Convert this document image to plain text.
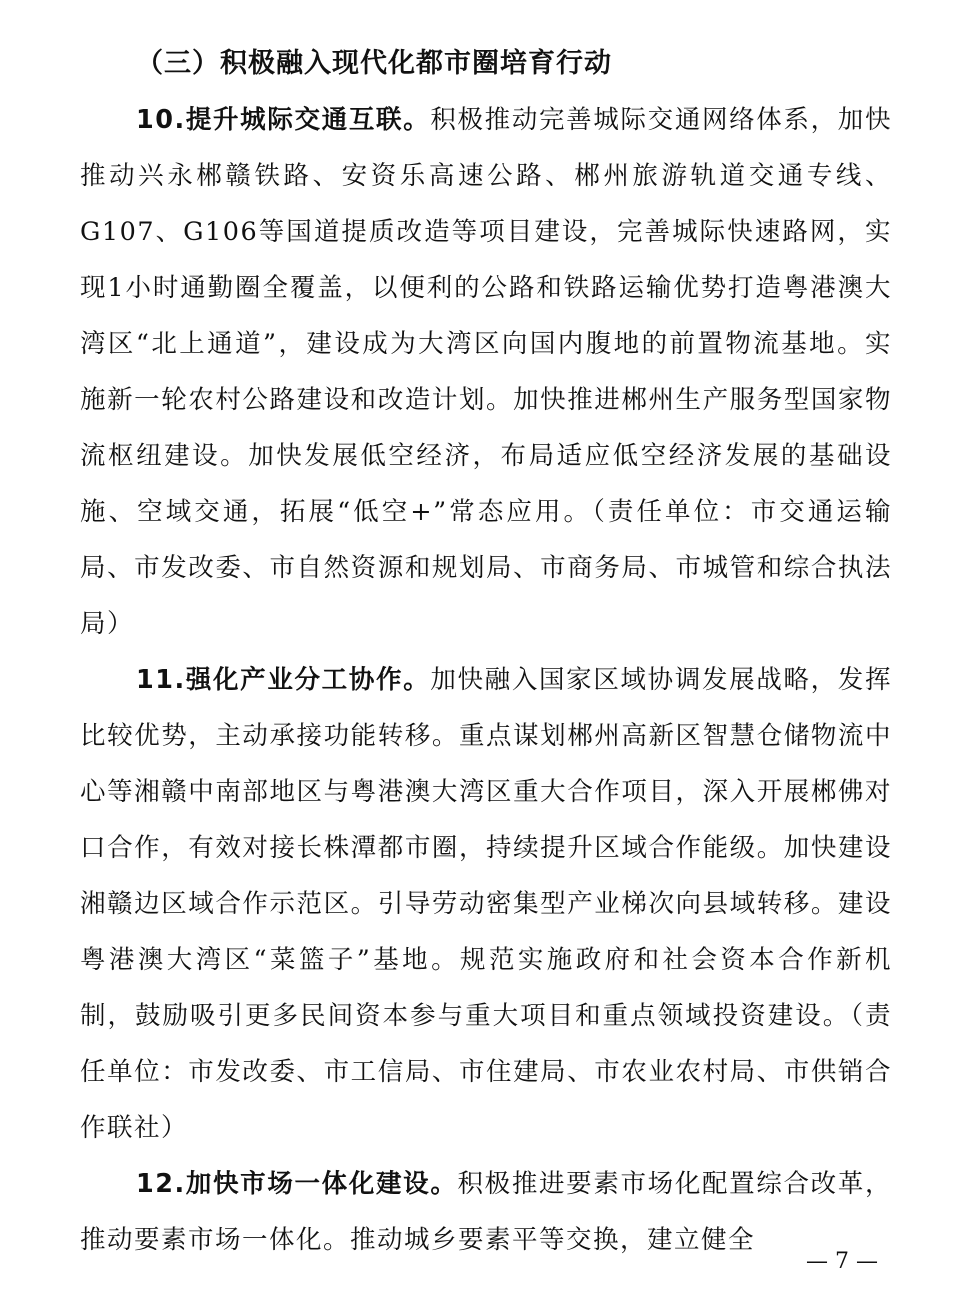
（三）积极融入现代化都市圈培育行动

10.提升城际交通互联。积极推动完善城际交通网络体系，加快推动兴永郴赣铁路、安资乐高速公路、郴州旅游轨道交通专线、G107、G106等国道提质改造等项目建设，完善城际快速路网，实现1小时通勤圈全覆盖，以便利的公路和铁路运输优势打造粤港澳大湾区“北上通道”，建设成为大湾区向国内腹地的前置物流基地。实施新一轮农村公路建设和改造计划。加快推进郴州生产服务型国家物流枢纽建设。加快发展低空经济，布局适应低空经济发展的基础设施、空域交通，拓展“低空+”常态应用。（责任单位：市交通运输局、市发改委、市自然资源和规划局、市商务局、市城管和综合执法局）

11.强化产业分工协作。加快融入国家区域协调发展战略，发挥比较优势，主动承接功能转移。重点谋划郴州高新区智慧仓储物流中心等湘赣中南部地区与粤港澳大湾区重大合作项目，深入开展郴佛对口合作，有效对接长株潭都市圈，持续提升区域合作能级。加快建设湘赣边区域合作示范区。引导劳动密集型产业梯次向县域转移。建设粤港澳大湾区“菜篮子”基地。规范实施政府和社会资本合作新机制，鼓励吸引更多民间资本参与重大项目和重点领域投资建设。（责任单位：市发改委、市工信局、市住建局、市农业农村局、市供销合作联社）

12.加快市场一体化建设。积极推进要素市场化配置综合改革，推动要素市场一体化。推动城乡要素平等交换，建立健全

— 7 —
